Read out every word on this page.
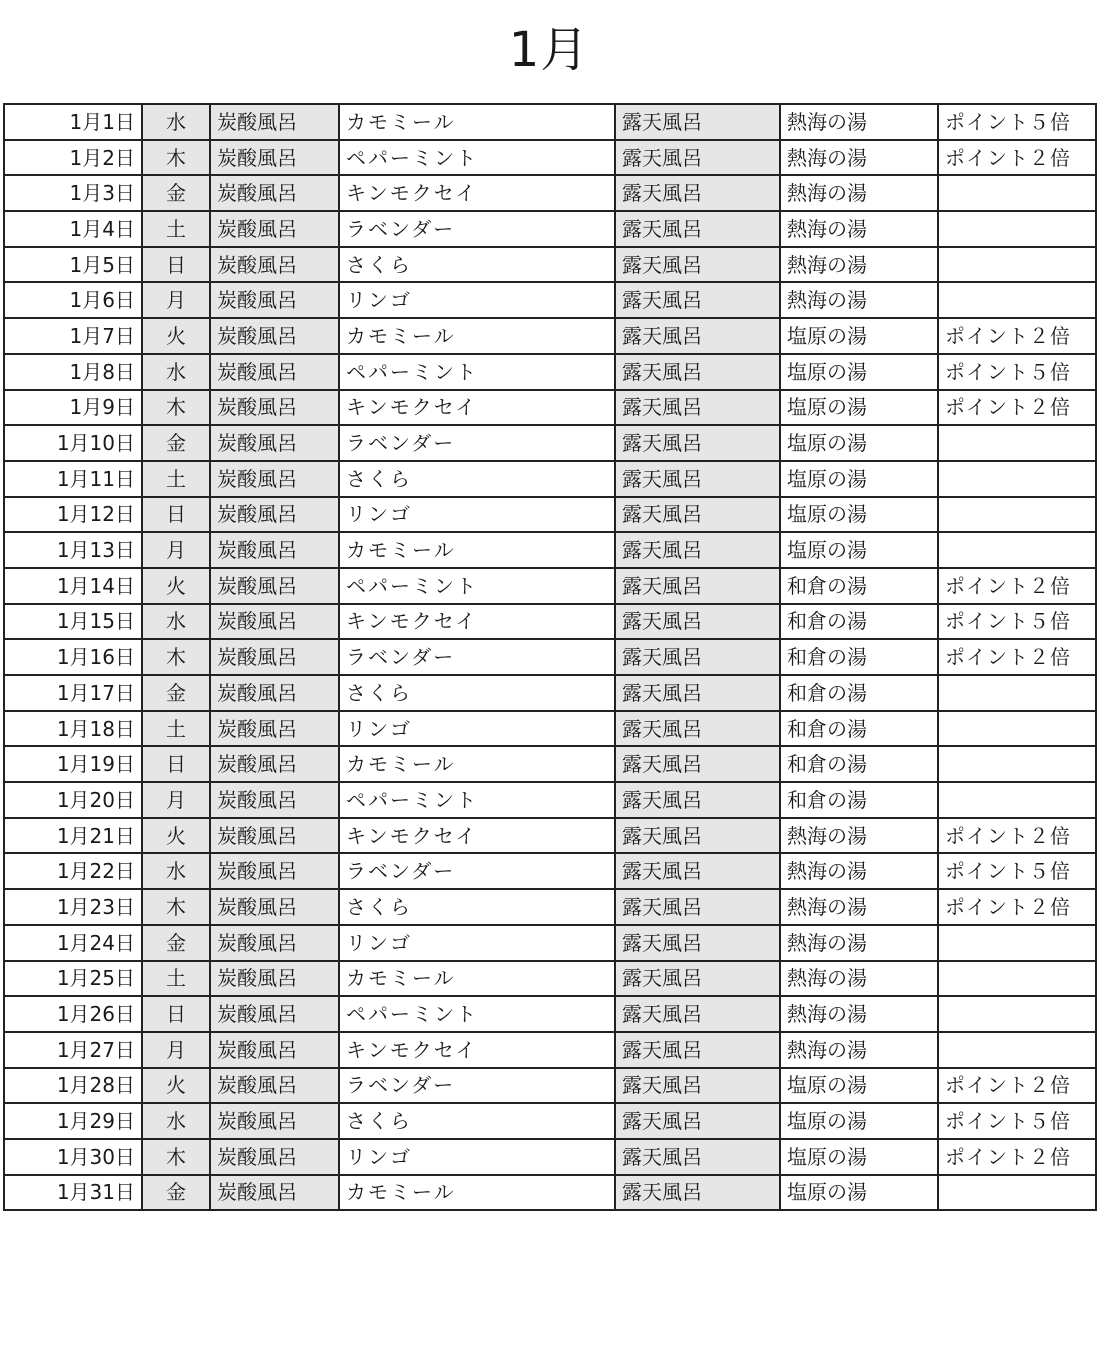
1月
1月1日	水	炭酸風呂	カモミール	露天風呂	熱海の湯	ポイント５倍
1月2日	木	炭酸風呂	ペパーミント	露天風呂	熱海の湯	ポイント２倍
1月3日	金	炭酸風呂	キンモクセイ	露天風呂	熱海の湯	
1月4日	土	炭酸風呂	ラベンダー	露天風呂	熱海の湯	
1月5日	日	炭酸風呂	さくら	露天風呂	熱海の湯	
1月6日	月	炭酸風呂	リンゴ	露天風呂	熱海の湯	
1月7日	火	炭酸風呂	カモミール	露天風呂	塩原の湯	ポイント２倍
1月8日	水	炭酸風呂	ペパーミント	露天風呂	塩原の湯	ポイント５倍
1月9日	木	炭酸風呂	キンモクセイ	露天風呂	塩原の湯	ポイント２倍
1月10日	金	炭酸風呂	ラベンダー	露天風呂	塩原の湯	
1月11日	土	炭酸風呂	さくら	露天風呂	塩原の湯	
1月12日	日	炭酸風呂	リンゴ	露天風呂	塩原の湯	
1月13日	月	炭酸風呂	カモミール	露天風呂	塩原の湯	
1月14日	火	炭酸風呂	ペパーミント	露天風呂	和倉の湯	ポイント２倍
1月15日	水	炭酸風呂	キンモクセイ	露天風呂	和倉の湯	ポイント５倍
1月16日	木	炭酸風呂	ラベンダー	露天風呂	和倉の湯	ポイント２倍
1月17日	金	炭酸風呂	さくら	露天風呂	和倉の湯	
1月18日	土	炭酸風呂	リンゴ	露天風呂	和倉の湯	
1月19日	日	炭酸風呂	カモミール	露天風呂	和倉の湯	
1月20日	月	炭酸風呂	ペパーミント	露天風呂	和倉の湯	
1月21日	火	炭酸風呂	キンモクセイ	露天風呂	熱海の湯	ポイント２倍
1月22日	水	炭酸風呂	ラベンダー	露天風呂	熱海の湯	ポイント５倍
1月23日	木	炭酸風呂	さくら	露天風呂	熱海の湯	ポイント２倍
1月24日	金	炭酸風呂	リンゴ	露天風呂	熱海の湯	
1月25日	土	炭酸風呂	カモミール	露天風呂	熱海の湯	
1月26日	日	炭酸風呂	ペパーミント	露天風呂	熱海の湯	
1月27日	月	炭酸風呂	キンモクセイ	露天風呂	熱海の湯	
1月28日	火	炭酸風呂	ラベンダー	露天風呂	塩原の湯	ポイント２倍
1月29日	水	炭酸風呂	さくら	露天風呂	塩原の湯	ポイント５倍
1月30日	木	炭酸風呂	リンゴ	露天風呂	塩原の湯	ポイント２倍
1月31日	金	炭酸風呂	カモミール	露天風呂	塩原の湯	
